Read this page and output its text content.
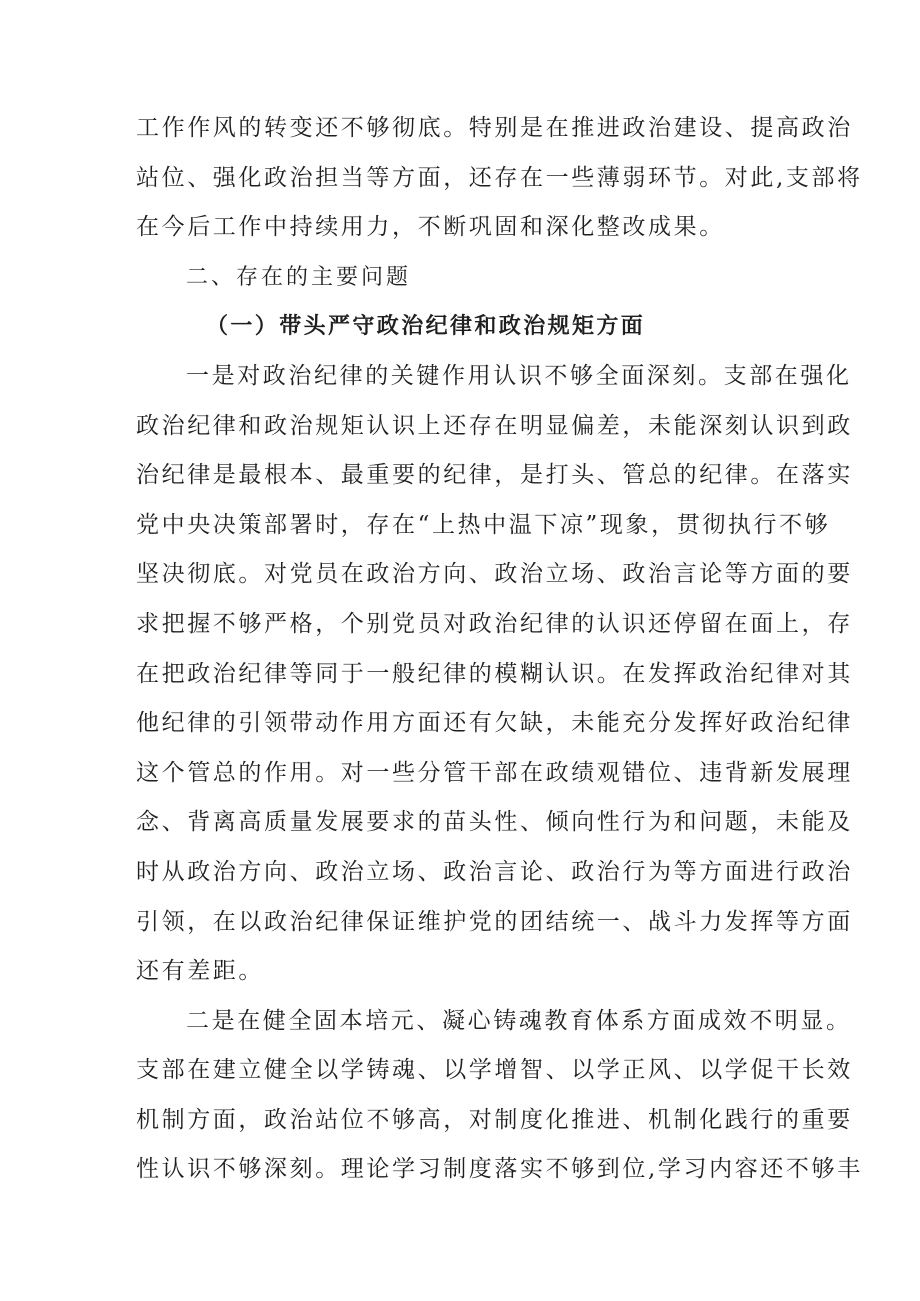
工作作风的转变还不够彻底。特别是在推进政治建设、提高政治
站位、强化政治担当等方面，还存在一些薄弱环节。对此,支部将
在今后工作中持续用力，不断巩固和深化整改成果。
二、存在的主要问题
（一）带头严守政治纪律和政治规矩方面
一是对政治纪律的关键作用认识不够全面深刻。支部在强化
政治纪律和政治规矩认识上还存在明显偏差，未能深刻认识到政
治纪律是最根本、最重要的纪律，是打头、管总的纪律。在落实
党中央决策部署时，存在“上热中温下凉”现象，贯彻执行不够
坚决彻底。对党员在政治方向、政治立场、政治言论等方面的要
求把握不够严格，个别党员对政治纪律的认识还停留在面上，存
在把政治纪律等同于一般纪律的模糊认识。在发挥政治纪律对其
他纪律的引领带动作用方面还有欠缺，未能充分发挥好政治纪律
这个管总的作用。对一些分管干部在政绩观错位、违背新发展理
念、背离高质量发展要求的苗头性、倾向性行为和问题，未能及
时从政治方向、政治立场、政治言论、政治行为等方面进行政治
引领，在以政治纪律保证维护党的团结统一、战斗力发挥等方面
还有差距。
二是在健全固本培元、凝心铸魂教育体系方面成效不明显。
支部在建立健全以学铸魂、以学增智、以学正风、以学促干长效
机制方面，政治站位不够高，对制度化推进、机制化践行的重要
性认识不够深刻。理论学习制度落实不够到位,学习内容还不够丰
